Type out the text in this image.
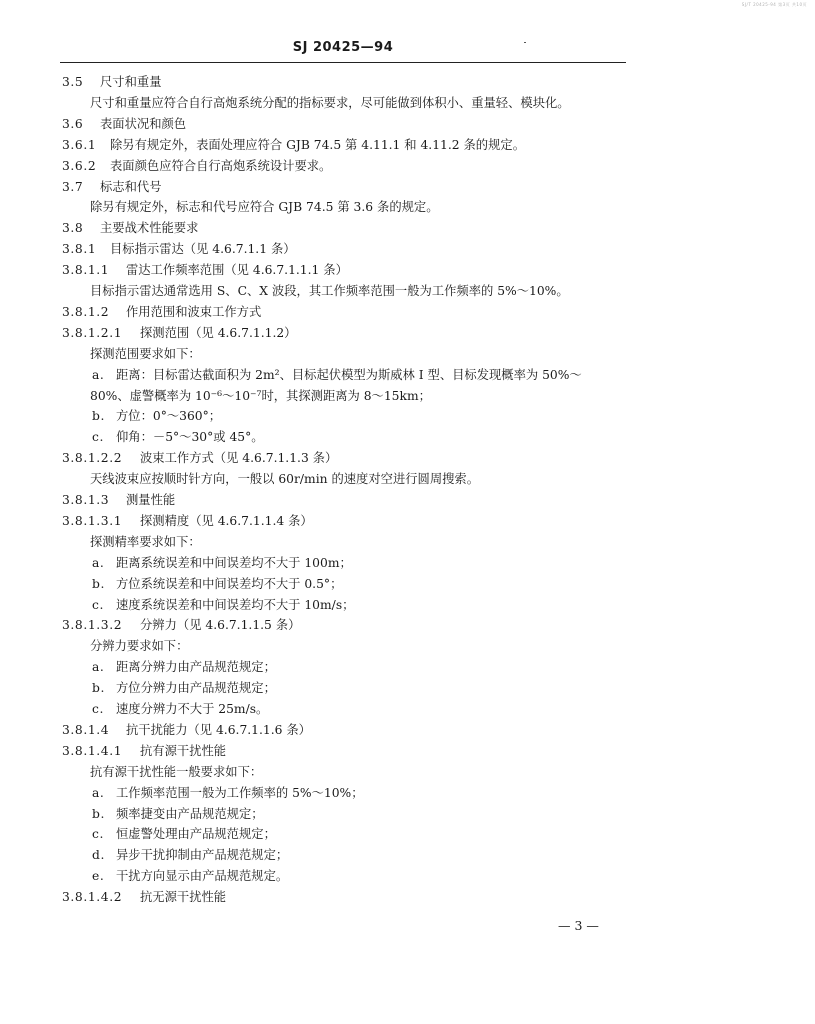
SJ/T 20425-94 第3页 共10页
SJ 20425—94
3.5 尺寸和重量
尺寸和重量应符合自行高炮系统分配的指标要求，尽可能做到体积小、重量轻、模块化。
3.6 表面状况和颜色
3.6.1 除另有规定外，表面处理应符合 GJB 74.5 第 4.11.1 和 4.11.2 条的规定。
3.6.2 表面颜色应符合自行高炮系统设计要求。
3.7 标志和代号
除另有规定外，标志和代号应符合 GJB 74.5 第 3.6 条的规定。
3.8 主要战术性能要求
3.8.1 目标指示雷达（见 4.6.7.1.1 条）
3.8.1.1 雷达工作频率范围（见 4.6.7.1.1.1 条）
目标指示雷达通常选用 S、C、X 波段，其工作频率范围一般为工作频率的 5%～10%。
3.8.1.2 作用范围和波束工作方式
3.8.1.2.1 探测范围（见 4.6.7.1.1.2）
探测范围要求如下：
a. 距离：目标雷达截面积为 2m²、目标起伏模型为斯威林 I 型、目标发现概率为 50%～
80%、虚警概率为 10⁻⁶～10⁻⁷时，其探测距离为 8～15km；
b. 方位：0°～360°；
c. 仰角：－5°～30°或 45°。
3.8.1.2.2 波束工作方式（见 4.6.7.1.1.3 条）
天线波束应按顺时针方向，一般以 60r/min 的速度对空进行圆周搜索。
3.8.1.3 测量性能
3.8.1.3.1 探测精度（见 4.6.7.1.1.4 条）
探测精率要求如下：
a. 距离系统误差和中间误差均不大于 100m；
b. 方位系统误差和中间误差均不大于 0.5°；
c. 速度系统误差和中间误差均不大于 10m/s；
3.8.1.3.2 分辨力（见 4.6.7.1.1.5 条）
分辨力要求如下：
a. 距离分辨力由产品规范规定；
b. 方位分辨力由产品规范规定；
c. 速度分辨力不大于 25m/s。
3.8.1.4 抗干扰能力（见 4.6.7.1.1.6 条）
3.8.1.4.1 抗有源干扰性能
抗有源干扰性能一般要求如下：
a. 工作频率范围一般为工作频率的 5%～10%；
b. 频率捷变由产品规范规定；
c. 恒虚警处理由产品规范规定；
d. 异步干扰抑制由产品规范规定；
e. 干扰方向显示由产品规范规定。
3.8.1.4.2 抗无源干扰性能
— 3 —
